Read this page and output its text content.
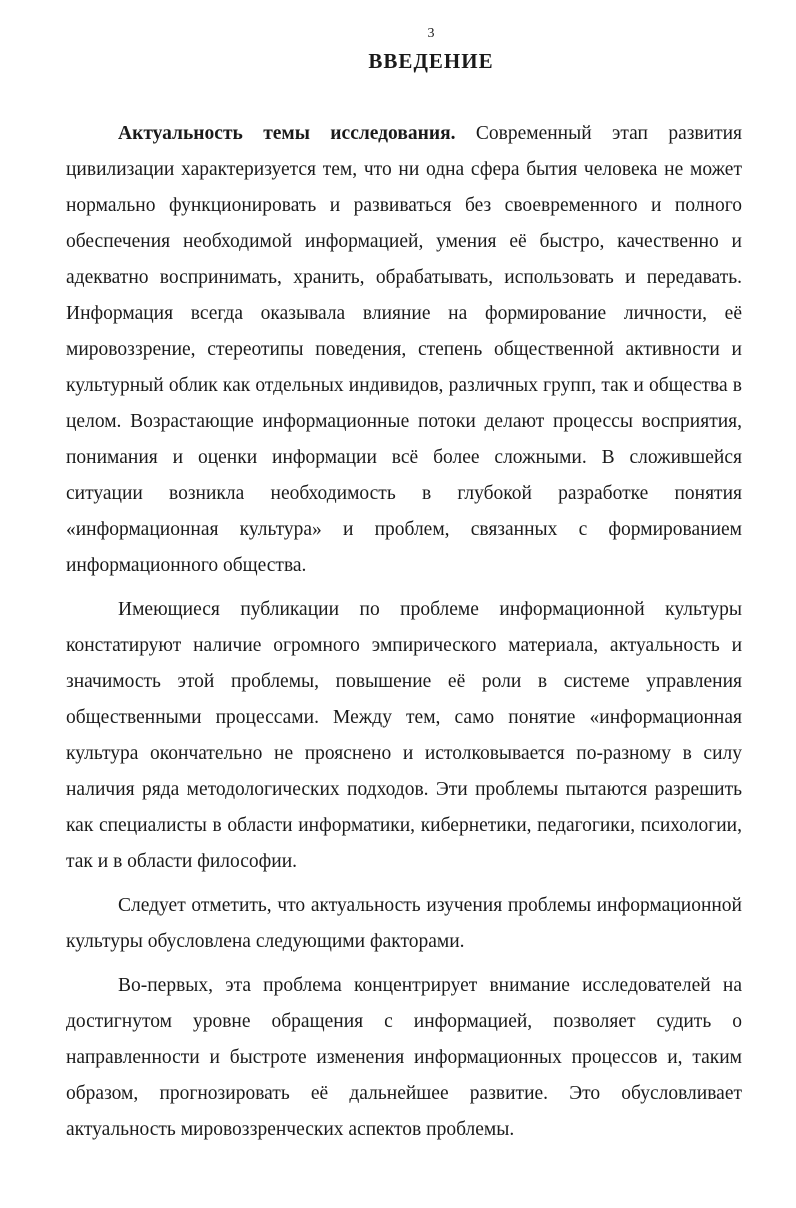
3
ВВЕДЕНИЕ

Актуальность темы исследования. Современный этап развития цивилизации характеризуется тем, что ни одна сфера бытия человека не может нормально функционировать и развиваться без своевременного и полного обеспечения необходимой информацией, умения её быстро, качественно и адекватно воспринимать, хранить, обрабатывать, использовать и передавать. Информация всегда оказывала влияние на формирование личности, её мировоззрение, стереотипы поведения, степень общественной активности и культурный облик как отдельных индивидов, различных групп, так и общества в целом. Возрастающие информационные потоки делают процессы восприятия, понимания и оценки информации всё более сложными. В сложившейся ситуации возникла необходимость в глубокой разработке понятия «информационная культура» и проблем, связанных с формированием информационного общества.

Имеющиеся публикации по проблеме информационной культуры констатируют наличие огромного эмпирического материала, актуальность и значимость этой проблемы, повышение её роли в системе управления общественными процессами. Между тем, само понятие «информационная культура окончательно не прояснено и истолковывается по-разному в силу наличия ряда методологических подходов. Эти проблемы пытаются разрешить как специалисты в области информатики, кибернетики, педагогики, психологии, так и в области философии.

Следует отметить, что актуальность изучения проблемы информационной культуры обусловлена следующими факторами.

Во-первых, эта проблема концентрирует внимание исследователей на достигнутом уровне обращения с информацией, позволяет судить о направленности и быстроте изменения информационных процессов и, таким образом, прогнозировать её дальнейшее развитие. Это обусловливает актуальность мировоззренческих аспектов проблемы.
